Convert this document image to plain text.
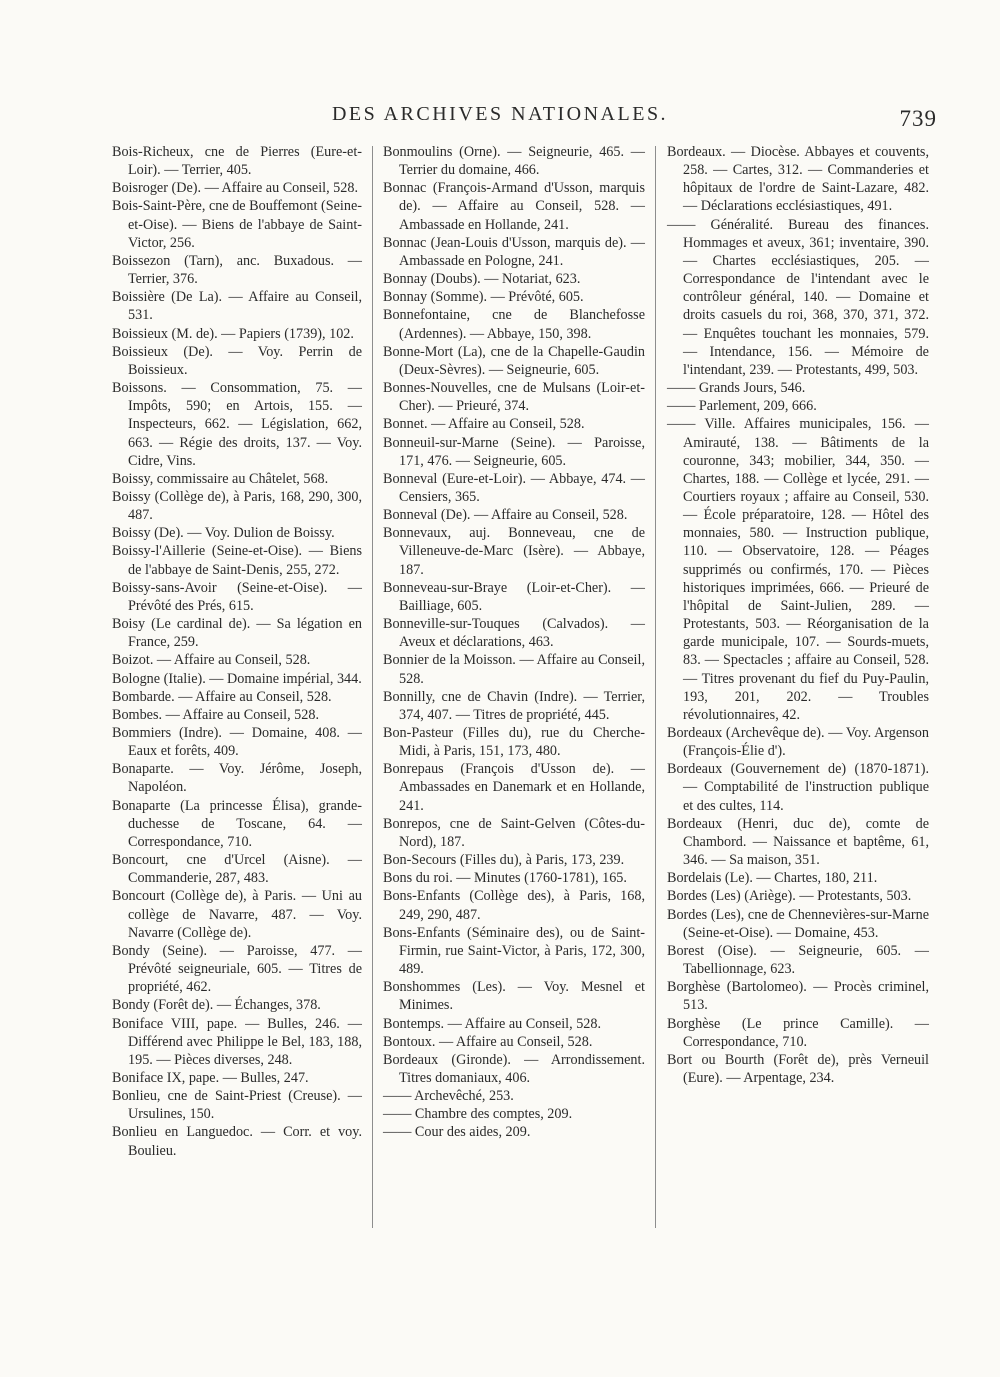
DES ARCHIVES NATIONALES.	739

Bois-Richeux, cne de Pierres (Eure-et-Loir). — Terrier, 405.

Boisroger (De). — Affaire au Conseil, 528.

Bois-Saint-Père, cne de Bouffemont (Seine-et-Oise). — Biens de l'abbaye de Saint-Victor, 256.

Boissezon (Tarn), anc. Buxadous. — Terrier, 376.

Boissière (De La). — Affaire au Conseil, 531.

Boissieux (M. de). — Papiers (1739), 102.

Boissieux (De). — Voy. Perrin de Boissieux.

Boissons. — Consommation, 75. — Impôts, 590; en Artois, 155. — Inspecteurs, 662. — Législation, 662, 663. — Régie des droits, 137. — Voy. Cidre, Vins.

Boissy, commissaire au Châtelet, 568.

Boissy (Collège de), à Paris, 168, 290, 300, 487.

Boissy (De). — Voy. Dulion de Boissy.

Boissy-l'Aillerie (Seine-et-Oise). — Biens de l'abbaye de Saint-Denis, 255, 272.

Boissy-sans-Avoir (Seine-et-Oise). — Prévôté des Prés, 615.

Boisy (Le cardinal de). — Sa légation en France, 259.

Boizot. — Affaire au Conseil, 528.

Bologne (Italie). — Domaine impérial, 344.

Bombarde. — Affaire au Conseil, 528.

Bombes. — Affaire au Conseil, 528.

Bommiers (Indre). — Domaine, 408. — Eaux et forêts, 409.

Bonaparte. — Voy. Jérôme, Joseph, Napoléon.

Bonaparte (La princesse Élisa), grande-duchesse de Toscane, 64. — Correspondance, 710.

Boncourt, cne d'Urcel (Aisne). — Commanderie, 287, 483.

Boncourt (Collège de), à Paris. — Uni au collège de Navarre, 487. — Voy. Navarre (Collège de).

Bondy (Seine). — Paroisse, 477. — Prévôté seigneuriale, 605. — Titres de propriété, 462.

Bondy (Forêt de). — Échanges, 378.

Boniface VIII, pape. — Bulles, 246. — Différend avec Philippe le Bel, 183, 188, 195. — Pièces diverses, 248.

Boniface IX, pape. — Bulles, 247.

Bonlieu, cne de Saint-Priest (Creuse). — Ursulines, 150.

Bonlieu en Languedoc. — Corr. et voy. Boulieu.

Bonmoulins (Orne). — Seigneurie, 465. — Terrier du domaine, 466.

Bonnac (François-Armand d'Usson, marquis de). — Affaire au Conseil, 528. — Ambassade en Hollande, 241.

Bonnac (Jean-Louis d'Usson, marquis de). — Ambassade en Pologne, 241.

Bonnay (Doubs). — Notariat, 623.

Bonnay (Somme). — Prévôté, 605.

Bonnefontaine, cne de Blanchefosse (Ardennes). — Abbaye, 150, 398.

Bonne-Mort (La), cne de la Chapelle-Gaudin (Deux-Sèvres). — Seigneurie, 605.

Bonnes-Nouvelles, cne de Mulsans (Loir-et-Cher). — Prieuré, 374.

Bonnet. — Affaire au Conseil, 528.

Bonneuil-sur-Marne (Seine). — Paroisse, 171, 476. — Seigneurie, 605.

Bonneval (Eure-et-Loir). — Abbaye, 474. — Censiers, 365.

Bonneval (De). — Affaire au Conseil, 528.

Bonnevaux, auj. Bonneveau, cne de Villeneuve-de-Marc (Isère). — Abbaye, 187.

Bonneveau-sur-Braye (Loir-et-Cher). — Bailliage, 605.

Bonneville-sur-Touques (Calvados). — Aveux et déclarations, 463.

Bonnier de la Moisson. — Affaire au Conseil, 528.

Bonnilly, cne de Chavin (Indre). — Terrier, 374, 407. — Titres de propriété, 445.

Bon-Pasteur (Filles du), rue du Cherche-Midi, à Paris, 151, 173, 480.

Bonrepaus (François d'Usson de). — Ambassades en Danemark et en Hollande, 241.

Bonrepos, cne de Saint-Gelven (Côtes-du-Nord), 187.

Bon-Secours (Filles du), à Paris, 173, 239.

Bons du roi. — Minutes (1760-1781), 165.

Bons-Enfants (Collège des), à Paris, 168, 249, 290, 487.

Bons-Enfants (Séminaire des), ou de Saint-Firmin, rue Saint-Victor, à Paris, 172, 300, 489.

Bonshommes (Les). — Voy. Mesnel et Minimes.

Bontemps. — Affaire au Conseil, 528.

Bontoux. — Affaire au Conseil, 528.

Bordeaux (Gironde). — Arrondissement. Titres domaniaux, 406.

—— Archevêché, 253.

—— Chambre des comptes, 209.

—— Cour des aides, 209.

Bordeaux. — Diocèse. Abbayes et couvents, 258. — Cartes, 312. — Commanderies et hôpitaux de l'ordre de Saint-Lazare, 482. — Déclarations ecclésiastiques, 491.

—— Généralité. Bureau des finances. Hommages et aveux, 361; inventaire, 390. — Chartes ecclésiastiques, 205. — Correspondance de l'intendant avec le contrôleur général, 140. — Domaine et droits casuels du roi, 368, 370, 371, 372. — Enquêtes touchant les monnaies, 579. — Intendance, 156. — Mémoire de l'intendant, 239. — Protestants, 499, 503.

—— Grands Jours, 546.

—— Parlement, 209, 666.

—— Ville. Affaires municipales, 156. — Amirauté, 138. — Bâtiments de la couronne, 343; mobilier, 344, 350. — Chartes, 188. — Collège et lycée, 291. — Courtiers royaux ; affaire au Conseil, 530. — École préparatoire, 128. — Hôtel des monnaies, 580. — Instruction publique, 110. — Observatoire, 128. — Péages supprimés ou confirmés, 170. — Pièces historiques imprimées, 666. — Prieuré de l'hôpital de Saint-Julien, 289. — Protestants, 503. — Réorganisation de la garde municipale, 107. — Sourds-muets, 83. — Spectacles ; affaire au Conseil, 528. — Titres provenant du fief du Puy-Paulin, 193, 201, 202. — Troubles révolutionnaires, 42.

Bordeaux (Archevêque de). — Voy. Argenson (François-Élie d').

Bordeaux (Gouvernement de) (1870-1871). — Comptabilité de l'instruction publique et des cultes, 114.

Bordeaux (Henri, duc de), comte de Chambord. — Naissance et baptême, 61, 346. — Sa maison, 351.

Bordelais (Le). — Chartes, 180, 211.

Bordes (Les) (Ariège). — Protestants, 503.

Bordes (Les), cne de Chennevières-sur-Marne (Seine-et-Oise). — Domaine, 453.

Borest (Oise). — Seigneurie, 605. — Tabellionnage, 623.

Borghèse (Bartolomeo). — Procès criminel, 513.

Borghèse (Le prince Camille). — Correspondance, 710.

Bort ou Bourth (Forêt de), près Verneuil (Eure). — Arpentage, 234.
